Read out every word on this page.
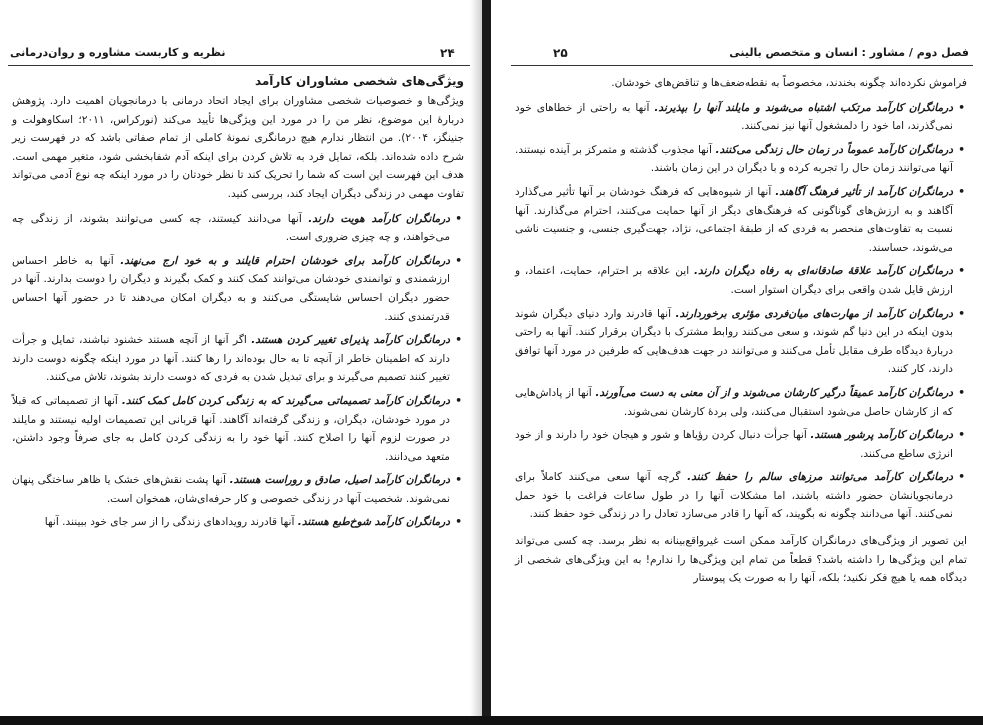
نظریه و کاربست مشاوره و روان‌درمانی	۲۴
ویژگی‌های شخصی مشاوران کارآمد

ویژگی‌ها و خصوصیات شخصی مشاوران برای ایجاد اتحاد درمانی با درمانجویان اهمیت دارد. پژوهش دربارهٔ این موضوع، نظر من را در مورد این ویژگی‌ها تأیید می‌کند (نورکراس، ۲۰۱۱؛ اسکاوهولت و جنینگز، ۲۰۰۴). من انتظار ندارم هیچ درمانگری نمونهٔ کاملی از تمام صفاتی باشد که در فهرست زیر شرح داده شده‌اند. بلکه، تمایل فرد به تلاش کردن برای اینکه آدم شفابخشی شود، متغیر مهمی است. هدف این فهرست این است که شما را تحریک کند تا نظر خودتان را در مورد اینکه چه نوع آدمی می‌تواند تفاوت مهمی در زندگی دیگران ایجاد کند، بررسی کنید.

• درمانگران کارآمد هویت دارند. آنها می‌دانند کیستند، چه کسی می‌توانند بشوند، از زندگی چه می‌خواهند، و چه چیزی ضروری است.
• درمانگران کارآمد برای خودشان احترام قایلند و به خود ارج می‌نهند. آنها به خاطر احساس ارزشمندی و توانمندی خودشان می‌توانند کمک کنند و کمک بگیرند و دیگران را دوست بدارند. آنها در حضور دیگران احساس شایستگی می‌کنند و به دیگران امکان می‌دهند تا در حضور آنها احساس قدرتمندی کنند.
• درمانگران کارآمد پذیرای تغییر کردن هستند. اگر آنها از آنچه هستند خشنود نباشند، تمایل و جرأت دارند که اطمینان خاطر از آنچه تا به حال بوده‌اند را رها کنند. آنها در مورد اینکه چگونه دوست دارند تغییر کنند تصمیم می‌گیرند و برای تبدیل شدن به فردی که دوست دارند بشوند، تلاش می‌کنند.
• درمانگران کارآمد تصمیماتی می‌گیرند که به زندگی کردن کامل کمک کنند. آنها از تصمیماتی که قبلاً در مورد خودشان، دیگران، و زندگی گرفته‌اند آگاهند. آنها قربانی این تصمیمات اولیه نیستند و مایلند در صورت لزوم آنها را اصلاح کنند. آنها خود را به زندگی کردن کامل به جای صرفاً وجود داشتن، متعهد می‌دانند.
• درمانگران کارآمد اصیل، صادق و روراست هستند. آنها پشت نقش‌های خشک یا ظاهر ساختگی پنهان نمی‌شوند. شخصیت آنها در زندگی خصوصی و کار حرفه‌ای‌شان، همخوان است.
• درمانگران کارآمد شوخ‌طبع هستند. آنها قادرند رویدادهای زندگی را از سر جای خود ببینند. آنها
۲۵	فصل دوم / مشاور : انسان و متخصص بالینی

فراموش نکرده‌اند چگونه بخندند، مخصوصاً به نقطه‌ضعف‌ها و تناقض‌های خودشان.

• درمانگران کارآمد مرتکب اشتباه می‌شوند و مایلند آنها را بپذیرند. آنها به راحتی از خطاهای خود نمی‌گذرند، اما خود را دلمشغول آنها نیز نمی‌کنند.
• درمانگران کارآمد عموماً در زمان حال زندگی می‌کنند. آنها مجذوب گذشته و متمرکز بر آینده نیستند. آنها می‌توانند زمان حال را تجربه کرده و با دیگران در این زمان باشند.
• درمانگران کارآمد از تأثیر فرهنگ آگاهند. آنها از شیوه‌هایی که فرهنگ خودشان بر آنها تأثیر می‌گذارد آگاهند و به ارزش‌های گوناگونی که فرهنگ‌های دیگر از آنها حمایت می‌کنند، احترام می‌گذارند. آنها نسبت به تفاوت‌های منحصر به فردی که از طبقهٔ اجتماعی، نژاد، جهت‌گیری جنسی، و جنسیت ناشی می‌شوند، حساسند.
• درمانگران کارآمد علاقهٔ صادقانه‌ای به رفاه دیگران دارند. این علاقه بر احترام، حمایت، اعتماد، و ارزش قایل شدن واقعی برای دیگران استوار است.
• درمانگران کارآمد از مهارت‌های میان‌فردی مؤثری برخوردارند. آنها قادرند وارد دنیای دیگران شوند بدون اینکه در این دنیا گم شوند، و سعی می‌کنند روابط مشترک با دیگران برقرار کنند. آنها به راحتی دربارهٔ دیدگاه طرف مقابل تأمل می‌کنند و می‌توانند در جهت هدف‌هایی که طرفین در مورد آنها توافق دارند، کار کنند.
• درمانگران کارآمد عمیقاً درگیر کارشان می‌شوند و از آن معنی به دست می‌آورند. آنها از پاداش‌هایی که از کارشان حاصل می‌شود استقبال می‌کنند، ولی بردهٔ کارشان نمی‌شوند.
• درمانگران کارآمد پرشور هستند. آنها جرأت دنبال کردن رؤیاها و شور و هیجان خود را دارند و از خود انرژی ساطع می‌کنند.
• درمانگران کارآمد می‌توانند مرزهای سالم را حفظ کنند. گرچه آنها سعی می‌کنند کاملاً برای درمانجویانشان حضور داشته باشند، اما مشکلات آنها را در طول ساعات فراغت با خود حمل نمی‌کنند. آنها می‌دانند چگونه نه بگویند، که آنها را قادر می‌سازد تعادل را در زندگی خود حفظ کنند.

این تصویر از ویژگی‌های درمانگران کارآمد ممکن است غیرواقع‌بینانه به نظر برسد. چه کسی می‌تواند تمام این ویژگی‌ها را داشته باشد؟ قطعاً من تمام این ویژگی‌ها را ندارم! به این ویژگی‌های شخصی از دیدگاه همه یا هیچ فکر نکنید؛ بلکه، آنها را به صورت یک پیوستار
